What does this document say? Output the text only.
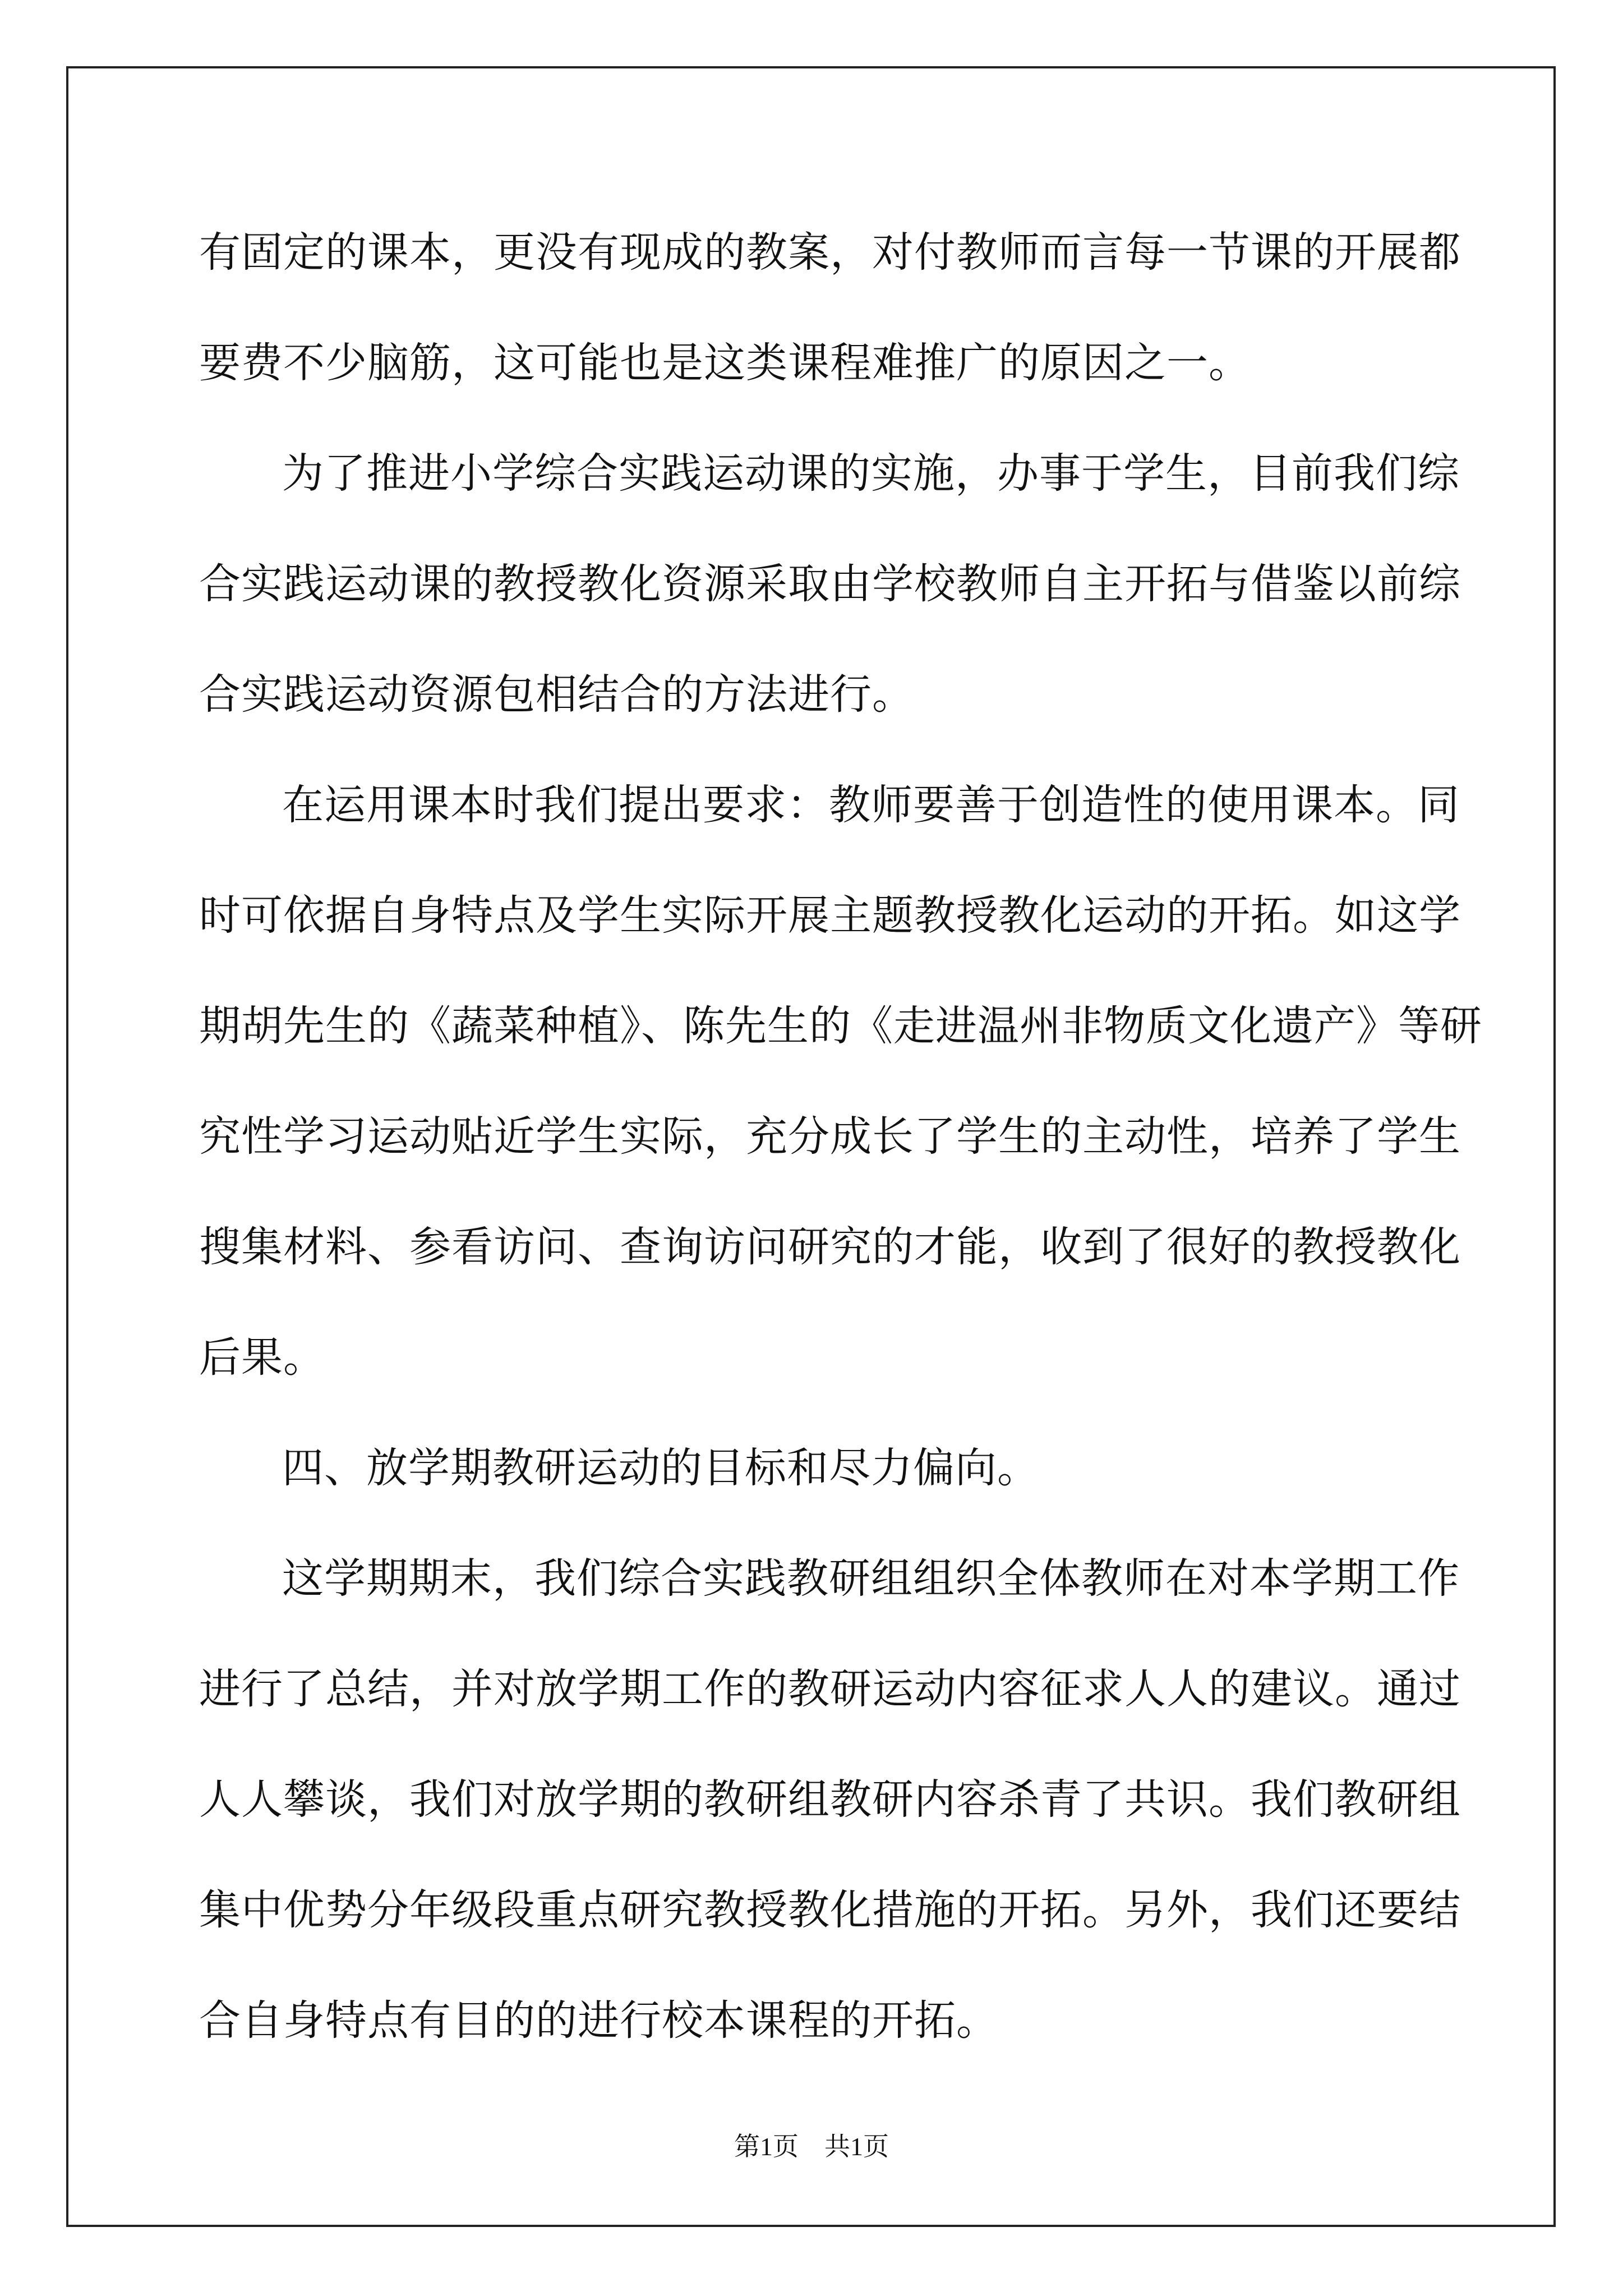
有固定的课本，更没有现成的教案，对付教师而言每一节课的开展都
要费不少脑筋，这可能也是这类课程难推广的原因之一。
为了推进小学综合实践运动课的实施，办事于学生，目前我们综
合实践运动课的教授教化资源采取由学校教师自主开拓与借鉴以前综
合实践运动资源包相结合的方法进行。
在运用课本时我们提出要求：教师要善于创造性的使用课本。同
时可依据自身特点及学生实际开展主题教授教化运动的开拓。如这学
期胡先生的《蔬菜种植》、陈先生的《走进温州非物质文化遗产》等研
究性学习运动贴近学生实际，充分成长了学生的主动性，培养了学生
搜集材料、参看访问、查询访问研究的才能，收到了很好的教授教化
后果。
四、放学期教研运动的目标和尽力偏向。
这学期期末，我们综合实践教研组组织全体教师在对本学期工作
进行了总结，并对放学期工作的教研运动内容征求人人的建议。通过
人人攀谈，我们对放学期的教研组教研内容杀青了共识。我们教研组
集中优势分年级段重点研究教授教化措施的开拓。另外，我们还要结
合自身特点有目的的进行校本课程的开拓。
第1页　共1页
